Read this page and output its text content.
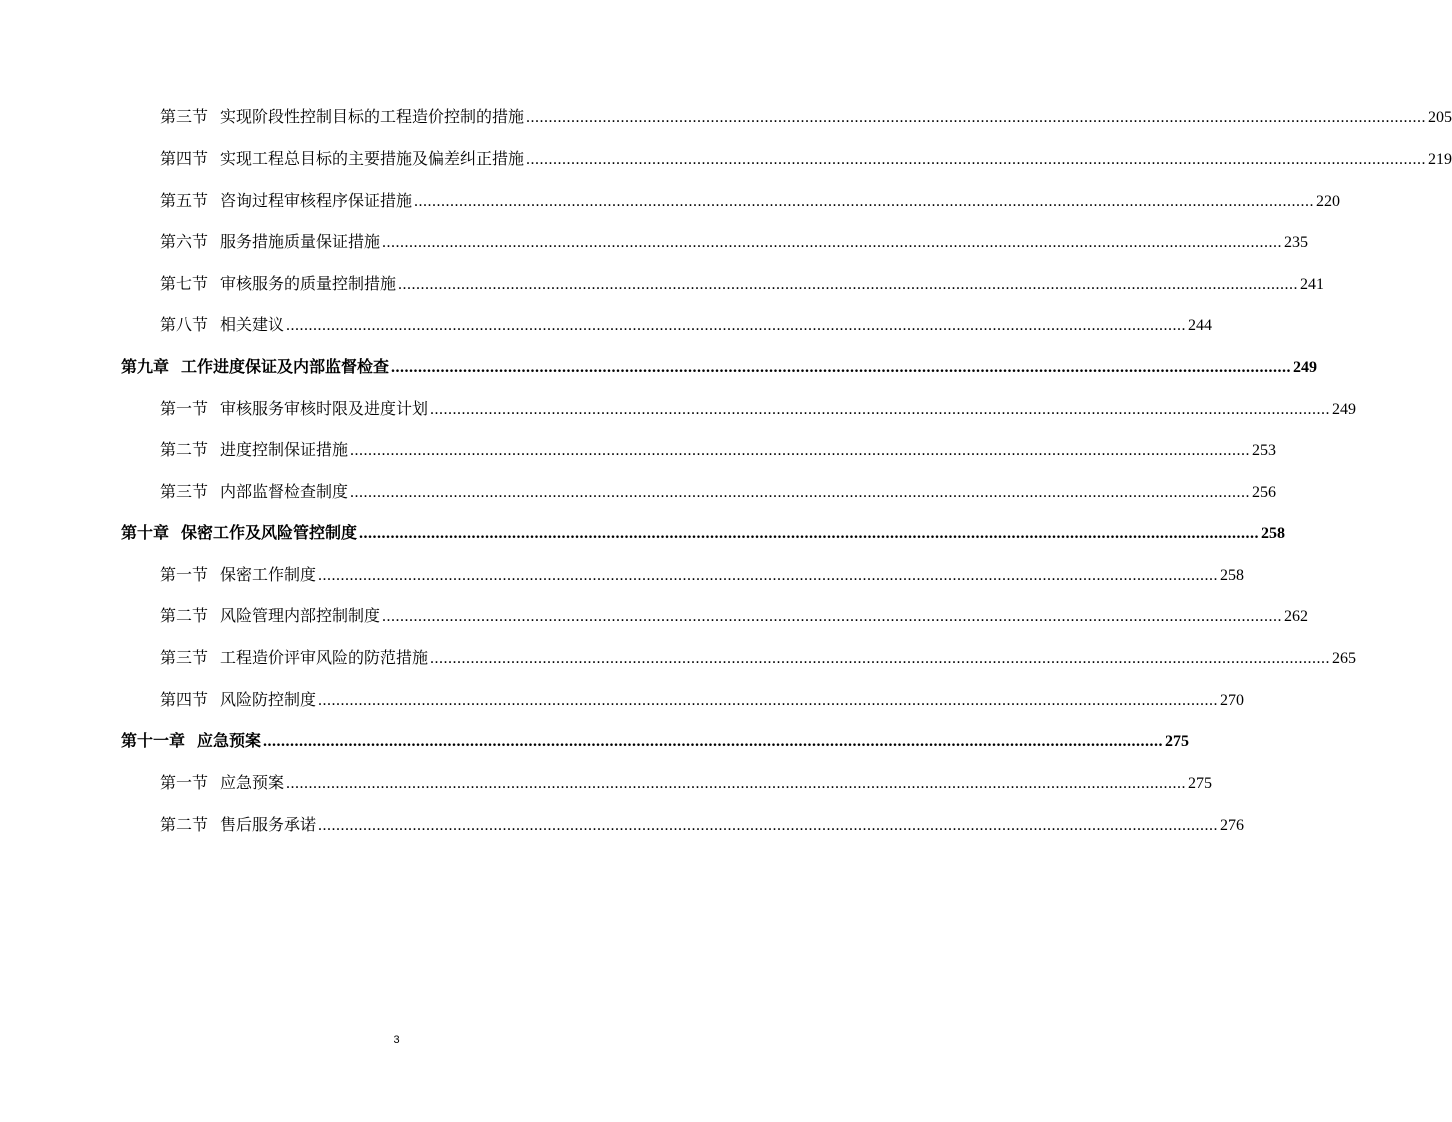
第三节 实现阶段性控制目标的工程造价控制的措施 ........................................................................................................................................................................................................ 205
第四节 实现工程总目标的主要措施及偏差纠正措施 ........................................................................................................................................................................................................ 219
第五节 咨询过程审核程序保证措施 ........................................................................................................................................................................................................ 220
第六节 服务措施质量保证措施 ........................................................................................................................................................................................................ 235
第七节 审核服务的质量控制措施 ........................................................................................................................................................................................................ 241
第八节 相关建议 ........................................................................................................................................................................................................ 244
第九章 工作进度保证及内部监督检查 ........................................................................................................................................................................................................ 249
第一节 审核服务审核时限及进度计划 ........................................................................................................................................................................................................ 249
第二节 进度控制保证措施 ........................................................................................................................................................................................................ 253
第三节 内部监督检查制度 ........................................................................................................................................................................................................ 256
第十章 保密工作及风险管控制度 ........................................................................................................................................................................................................ 258
第一节 保密工作制度 ........................................................................................................................................................................................................ 258
第二节 风险管理内部控制制度 ........................................................................................................................................................................................................ 262
第三节 工程造价评审风险的防范措施 ........................................................................................................................................................................................................ 265
第四节 风险防控制度 ........................................................................................................................................................................................................ 270
第十一章 应急预案 ........................................................................................................................................................................................................ 275
第一节 应急预案 ........................................................................................................................................................................................................ 275
第二节 售后服务承诺 ........................................................................................................................................................................................................ 276
3
